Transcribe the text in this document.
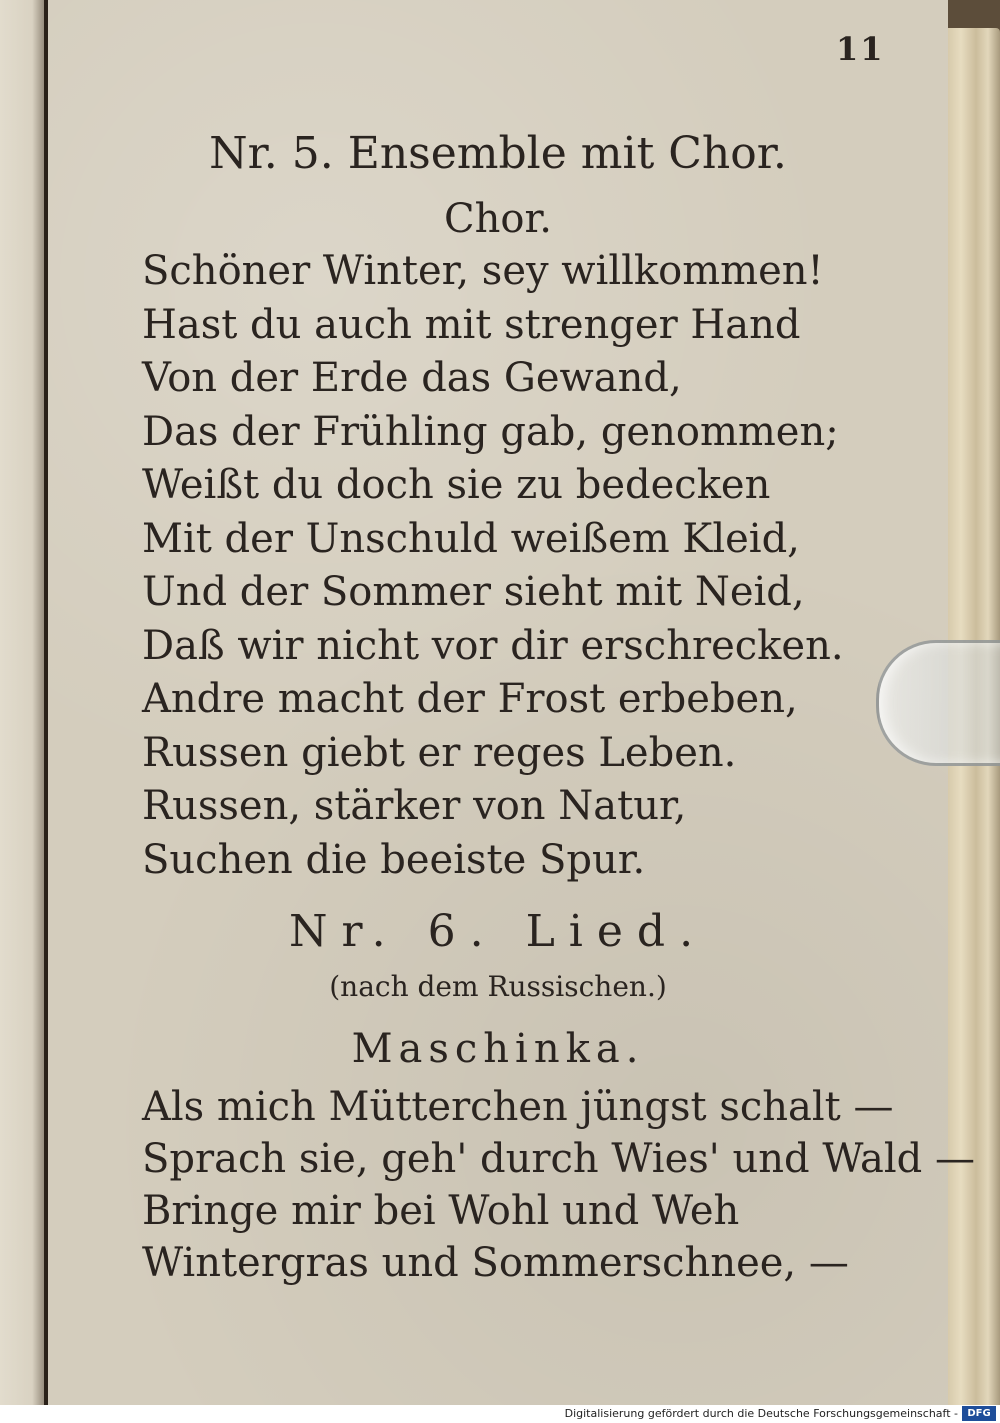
11
Nr. 5. Ensemble mit Chor.
Chor.
Schöner Winter, sey willkommen!
Hast du auch mit strenger Hand
Von der Erde das Gewand,
Das der Frühling gab, genommen;
Weißt du doch sie zu bedecken
Mit der Unschuld weißem Kleid,
Und der Sommer sieht mit Neid,
Daß wir nicht vor dir erschrecken.
Andre macht der Frost erbeben,
Russen giebt er reges Leben.
Russen, stärker von Natur,
Suchen die beeiste Spur.
Nr. 6. Lied.
(nach dem Russischen.)
Maschinka.
Als mich Mütterchen jüngst schalt —
Sprach sie, geh' durch Wies' und Wald —
Bringe mir bei Wohl und Weh
Wintergras und Sommerschnee, —
Digitalisierung gefördert durch die Deutsche Forschungsgemeinschaft - DFG
